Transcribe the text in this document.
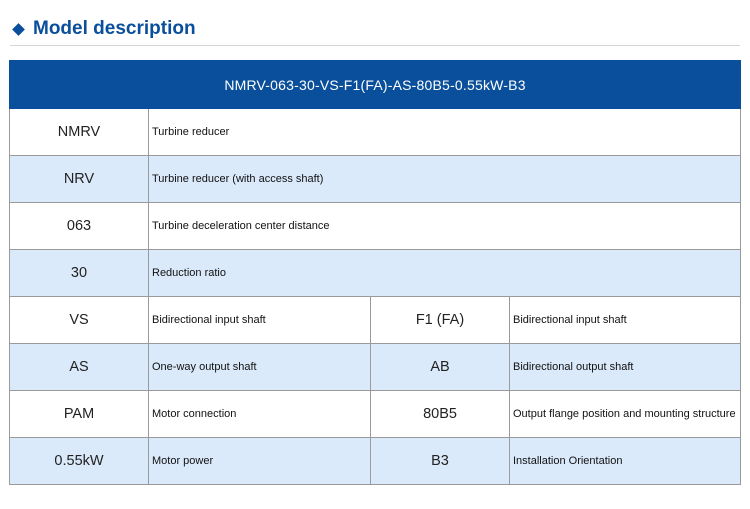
Model description
NMRV-063-30-VS-F1(FA)-AS-80B5-0.55kW-B3			
NMRV	Turbine reducer		
NRV	Turbine reducer (with access shaft)		
063	Turbine deceleration center distance		
30	Reduction ratio		
VS	Bidirectional input shaft	F1 (FA)	Bidirectional input shaft
AS	One-way output shaft	AB	Bidirectional output shaft
PAM	Motor connection	80B5	Output flange position and mounting structure
0.55kW	Motor power	B3	Installation Orientation
